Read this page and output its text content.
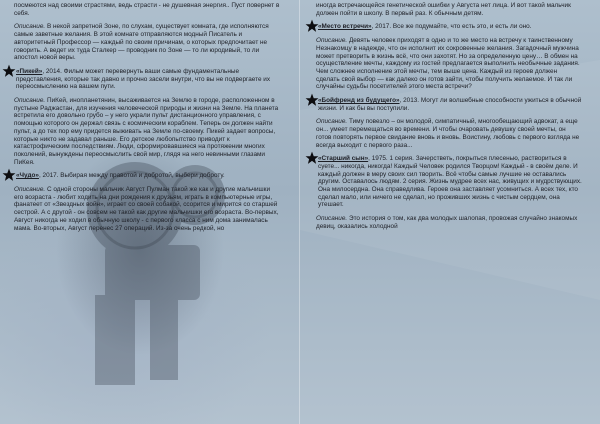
посмеются над своими страстями, ведь страсти - не душевная энергия.. Пуст повернет в себя.

Описание. В некой запретной Зоне, по слухам, существует комната, где исполняются самые заветные желания. В этой комнате отправляются модный Писатель и авторитетный Профессор — каждый по своим причинам, о которых предпочитает не говорить. А ведет их туда Сталкер — проводник по Зоне — то ли юродивый, то ли апостол новой веры.

«Пикей», 2014. Фильм может перевернуть ваши самые фундаментальные представления, которые так давно и прочно засели внутри, что вы не подвергаете их переосмыслению на вашем пути.

Описание. ПиКей, инопланетянин, высаживается на Землю в городе, расположенном в пустыне Раджастан, для изучения человеческой природы и жизни на Земле. На планета встретила его довольно грубо – у него украли пульт дистанционного управления, с помощью которого он держал связь с космическим кораблем. Теперь он должен найти пульт, а до тех пор ему придется выживать на Земле по-своему. Пикей задает вопросы, которые никто не задавал раньше. Его детское любопытство приводит к катастрофическим последствиям. Люди, сформировавшиеся на протяжении многих поколений, вынуждены переосмыслить свой мир, глядя на него невинными глазами ПиКея.

«Чудо», 2017. Выбирая между правотой и добротой, выбери доброту.

Описание. С одной стороны мальчик Август Пулман такой же как и другие мальчишки его возраста - любит ходить на дни рождения к друзьям, играть в компьютерные игры, фанатеет от «Звездных войн», играет со своей собакой, ссорится и мирится со старшей сестрой. А с другой - он совсем не такой как другие мальчишки его возраста. Во-первых, Август никогда не ходил в обычную школу - с первого класса с ним дома занималась мама. Во-вторых, Август перенес 27 операций. Из-за очень редкой, но

иногда встречающейся генетической ошибки у Августа нет лица. И вот такой мальчик должен пойти в школу. В первый раз. К обычным детям.

«Место встречи», 2017. Все же подумайте, что есть это, и есть ли оно.

Описание. Девять человек приходят в одно и то же место на встречу к таинственному Незнакомцу в надежде, что он исполнит их сокровенные желания. Загадочный мужчина может претворить в жизнь всё, что они захотят. Но за определенную цену… В обмен на осуществление мечты, каждому из гостей предлагается выполнить необычные задания. Чем сложнее исполнение этой мечты, тем выше цена. Каждый из героев должен сделать свой выбор — как далеко он готов зайти, чтобы получить желаемое. И так ли случайны судьбы посетителей этого места встречи?

«Бойфренд из будущего», 2013. Могут ли волшебные способности ужиться в обычной жизни. И как бы вы поступили.

Описание. Тиму повезло – он молодой, симпатичный, многообещающий адвокат, а еще он... умеет перемещаться во времени. И чтобы очаровать девушку своей мечты, он готов повторять первое свидание вновь и вновь. Воистину, любовь с первого взгляда не всегда выходит с первого раза...

«Старший сын», 1975. 1 серия. Зачерстветь, покрыться плесенью, раствориться в суете... никогда, никогда! Каждый Человек родился Творцом! Каждый - в своём деле. И каждый должен в меру своих сил творить. Всё чтобы самые лучшие не оставались другим. Оставалось людям. 2 серия. Жизнь мудрее всех нас, живущих и мудрствующих. Она милосердна. Она справедлива. Героев она заставляет усомниться. А всех тех, кто сделал мало, или ничего не сделал, но проживших жизнь с чистым сердцем, она утешает.

Описание. Это история о том, как два молодых шалопая, провожая случайно знакомых девиц, оказались холодной
